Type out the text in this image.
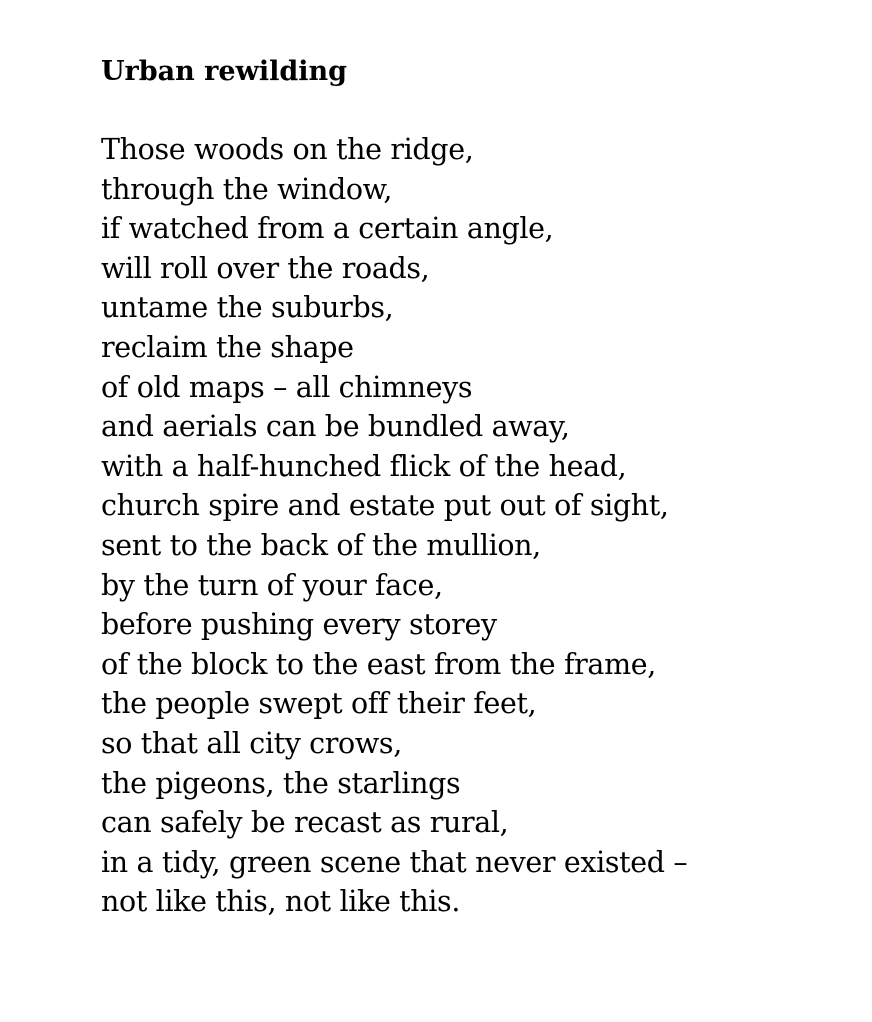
Urban rewilding
Those woods on the ridge,
through the window,
if watched from a certain angle,
will roll over the roads,
untame the suburbs,
reclaim the shape
of old maps – all chimneys
and aerials can be bundled away,
with a half-hunched flick of the head,
church spire and estate put out of sight,
sent to the back of the mullion,
by the turn of your face,
before pushing every storey
of the block to the east from the frame,
the people swept off their feet,
so that all city crows,
the pigeons, the starlings
can safely be recast as rural,
in a tidy, green scene that never existed –
not like this, not like this.
